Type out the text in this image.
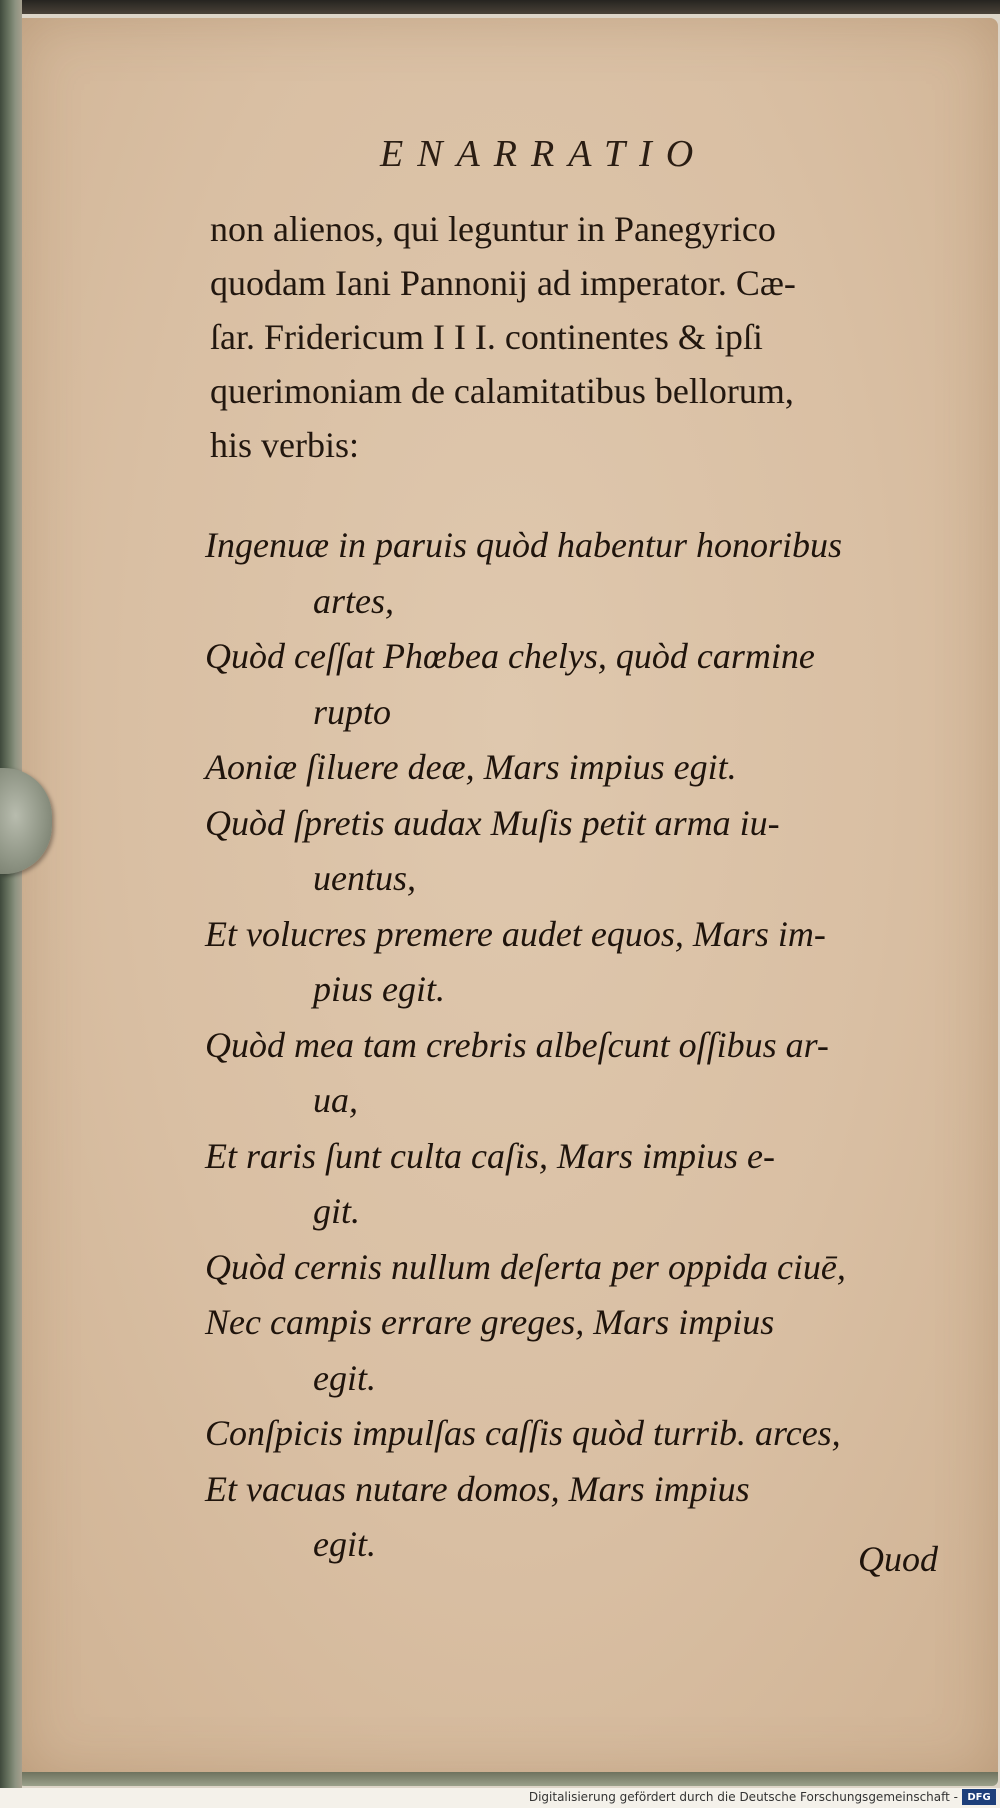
ENARRATIO
non alienos, qui leguntur in Panegyrico
quodam Iani Pannonij ad imperator. Cæ-
ſar. Fridericum I I I. continentes & ipſi
querimoniam de calamitatibus bellorum,
his verbis:
Ingenuæ in paruis quòd habentur honoribus
artes,
Quòd ceſſat Phœbea chelys, quòd carmine
rupto
Aoniæ ſiluere deæ, Mars impius egit.
Quòd ſpretis audax Muſis petit arma iu-
uentus,
Et volucres premere audet equos, Mars im-
pius egit.
Quòd mea tam crebris albeſcunt oſſibus ar-
ua,
Et raris ſunt culta caſis, Mars impius e-
git.
Quòd cernis nullum deſerta per oppida ciuē,
Nec campis errare greges, Mars impius
egit.
Conſpicis impulſas caſſis quòd turrib. arces,
Et vacuas nutare domos, Mars impius
egit.	Quod
Digitalisierung gefördert durch die Deutsche Forschungsgemeinschaft - DFG
